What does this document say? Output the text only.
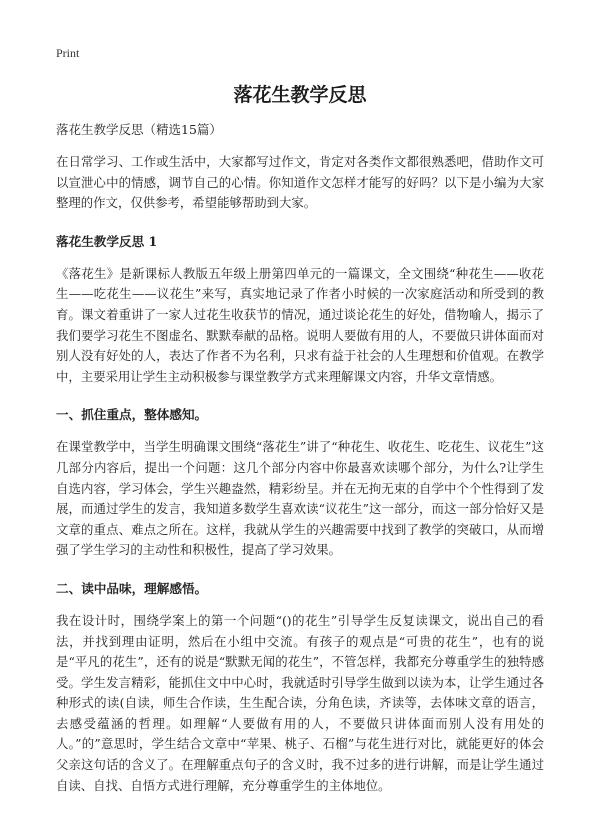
Print
落花生教学反思
落花生教学反思（精选15篇）

在日常学习、工作或生活中，大家都写过作文，肯定对各类作文都很熟悉吧，借助作文可以宣泄心中的情感，调节自己的心情。你知道作文怎样才能写的好吗？以下是小编为大家整理的作文，仅供参考，希望能够帮助到大家。

落花生教学反思 1

《落花生》是新课标人教版五年级上册第四单元的一篇课文，全文围绕“种花生——收花生——吃花生——议花生”来写，真实地记录了作者小时候的一次家庭活动和所受到的教育。课文着重讲了一家人过花生收获节的情况，通过谈论花生的好处，借物喻人，揭示了我们要学习花生不图虚名、默默奉献的品格。说明人要做有用的人，不要做只讲体面而对别人没有好处的人，表达了作者不为名利，只求有益于社会的人生理想和价值观。在教学中，主要采用让学生主动积极参与课堂教学方式来理解课文内容，升华文章情感。

一、抓住重点，整体感知。

在课堂教学中，当学生明确课文围绕“落花生”讲了“种花生、收花生、吃花生、议花生”这几部分内容后，提出一个问题：这几个部分内容中你最喜欢读哪个部分，为什么?让学生自选内容，学习体会，学生兴趣盎然，精彩纷呈。并在无拘无束的自学中个个性得到了发展，而通过学生的发言，我知道多数学生喜欢读“议花生”这一部分，而这一部分恰好又是文章的重点、难点之所在。这样，我就从学生的兴趣需要中找到了教学的突破口，从而增强了学生学习的主动性和积极性，提高了学习效果。

二、读中品味，理解感悟。

我在设计时，围绕学案上的第一个问题“()的花生”引导学生反复读课文，说出自己的看法，并找到理由证明，然后在小组中交流。有孩子的观点是“可贵的花生”，也有的说是“平凡的花生”，还有的说是“默默无闻的花生”，不管怎样，我都充分尊重学生的独特感受。学生发言精彩，能抓住文中中心时，我就适时引导学生做到以读为本，让学生通过各种形式的读(自读，师生合作读，生生配合读，分角色读，齐读等，去体味文章的语言，去感受蕴涵的哲理。如理解“人要做有用的人，不要做只讲体面而别人没有用处的人。”的”意思时，学生结合文章中“苹果、桃子、石榴”与花生进行对比，就能更好的体会父亲这句话的含义了。在理解重点句子的含义时，我不过多的进行讲解，而是让学生通过自读、自找、自悟方式进行理解，充分尊重学生的主体地位。
